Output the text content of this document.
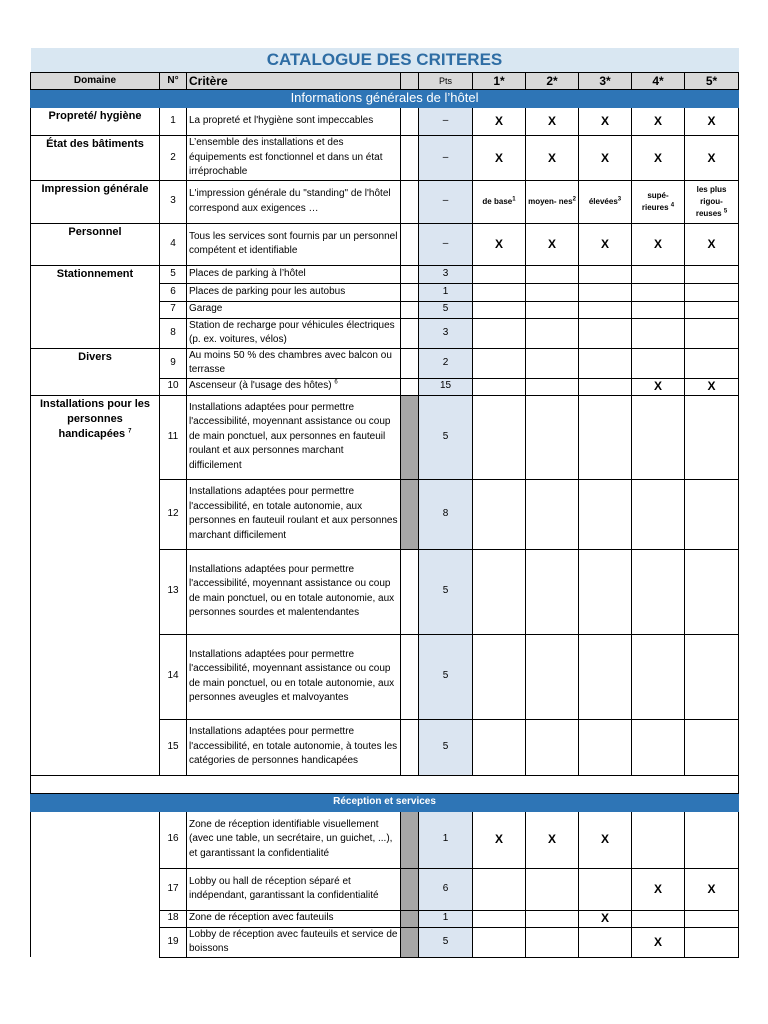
CATALOGUE DES CRITERES									
Domaine	N°	Critère		Pts	1*	2*	3*	4*	5*
Informations générales de l’hôtel									
Propreté/ hygiène	1	La propreté et l'hygiène sont impeccables		–	X	X	X	X	X
État des bâtiments	2	L’ensemble des installations et des équipements est fonctionnel et dans un état irréprochable		–	X	X	X	X	X
Impression générale	3	L'impression générale du "standing" de l'hôtel correspond aux exigences …		–	de base$^1$	moyen- nes$^2$	élevées$^3$	supé- rieures $^4$	les plus rigou- reuses $^5$
Personnel	4	Tous les services sont fournis par un personnel compétent et identifiable		–	X	X	X	X	X
Stationnement	5	Places de parking à l’hôtel		3					
	6	Places de parking pour les autobus		1					
	7	Garage		5					
	8	Station de recharge pour véhicules électriques (p. ex. voitures, vélos)		3					
Divers	9	Au moins 50 % des chambres avec balcon ou terrasse		2					
	10	Ascenseur (à l'usage des hôtes) $^6$		15				X	X
Installations pour les personnes handicapées $^7$	11	Installations adaptées pour permettre l'accessibilité, moyennant assistance ou coup de main ponctuel, aux personnes en fauteuil roulant et aux personnes marchant difficilement		5					
	12	Installations adaptées pour permettre l'accessibilité, en totale autonomie, aux personnes en fauteuil roulant et aux personnes marchant difficilement		8					
	13	Installations adaptées pour permettre l'accessibilité, moyennant assistance ou coup de main ponctuel, ou en totale autonomie, aux personnes sourdes et malentendantes		5					
	14	Installations adaptées pour permettre l'accessibilité, moyennant assistance ou coup de main ponctuel, ou en totale autonomie, aux personnes aveugles et malvoyantes		5					
	15	Installations adaptées pour permettre l'accessibilité, en totale autonomie, à toutes les catégories de personnes handicapées		5					

Réception et services									
	16	Zone de réception identifiable visuellement (avec une table, un secrétaire, un guichet, ...), et garantissant la confidentialité		1	X	X	X		
	17	Lobby ou hall de réception séparé et indépendant, garantissant la confidentialité		6				X	X
	18	Zone de réception avec fauteuils		1			X		
	19	Lobby de réception avec fauteuils et service de boissons		5				X	
